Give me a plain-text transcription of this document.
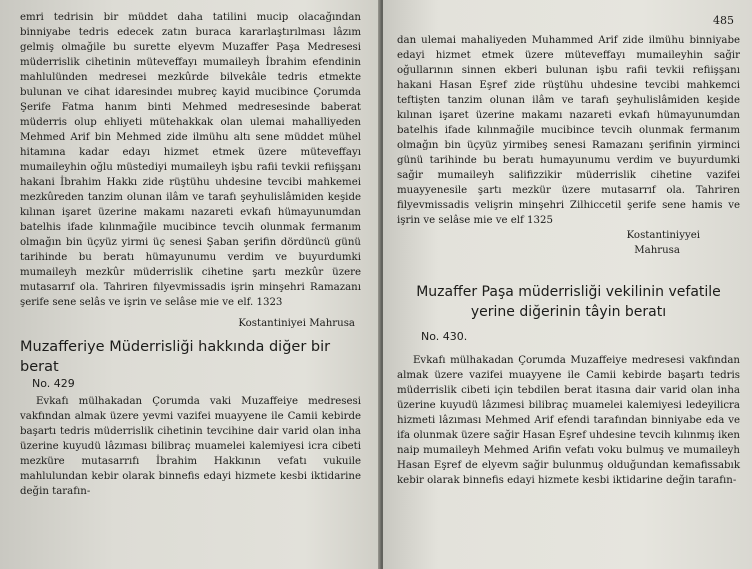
emri tedrisin bir müddet daha tatilini mucip olacağından binniyabe tedris edecek zatın buraca kararlaştırılması lâzım gelmiş olmağile bu surette elyevm Muzaffer Paşa Medresesi müderrislik cihetinin müteveffayı mumaileyh İbrahim efendinin mahlulünden medresei mezkûrde bilvekâle tedris etmekte bulunan ve cihat idaresindeı mubreç kayid mucibince Çorumda Şerife Fatma hanım binti Mehmed medresesinde baberat müderris olup ehliyeti mütehakkak olan ulemai mahalliyeden Mehmed Arif bin Mehmed zide ilmühu altı sene müddet mühel hitamına kadar edayı hizmet etmek üzere müteveffayı mumaileyhin oğlu müstediyi mumaileyh işbu rafii tevkii refiişşanı hakani İbrahim Hakkı zide rüştühu uhdesine tevcibi mahkemei mezkûreden tanzim olunan ilâm ve tarafı şeyhulislâmiden keşide kılınan işaret üzerine makamı nazareti evkafı hümayunumdan batelhis ifade kılınmağile mucibince tevcih olunmak fermanım olmağın bin üçyüz yirmi üç senesi Şaban şerifin dördüncü günü tarihinde bu beratı hümayunumu verdim ve buyurdumki mumaileyh mezkûr müderrislik cihetine şartı mezkûr üzere mutasarrıf ola. Tahriren fılyevmissadis işrin minşehri Ramazanı şerife sene selâs ve işrin ve selâse mie ve elf. 1323

Kostantiniyei Mahrusa
Muzafferiye Müderrisliği hakkında diğer bir berat
No. 429

Evkafı mülhakadan Çorumda vaki Muzaffeiye medresesi vakfından almak üzere yevmi vazifei muayyene ile Camii kebirde başartı tedris müderrislik cihetinin tevcihine dair varid olan inha üzerine kuyudü lâzıması bilibraç muamelei kalemiyesi icra cibeti mezküre mutasarrıfı İbrahim Hakkının vefatı vukuile mahlulundan kebir olarak binnefis edayi hizmete kesbi iktidarine değin tarafın-

485

dan ulemai mahaliyeden Muhammed Arif zide ilmühu binniyabe edayi hizmet etmek üzere müteveffayı mumaileyhin sağir oğullarının sinnen ekberi bulunan işbu rafii tevkii refiişşanı hakani Hasan Eşref zide rüştühu uhdesine tevcibi mahkemci teftişten tanzim olunan ilâm ve tarafı şeyhulislâmiden keşide kılınan işaret üzerine makamı nazareti evkafı hümayunumdan batelhis ifade kılınmağile mucibince tevcih olunmak fermanım olmağın bin üçyüz yirmibeş senesi Ramazanı şerifinin yirminci günü tarihinde bu beratı humayunumu verdim ve buyurdumki sağir mumaileyh salifizzikir müderrislik cihetine vazifei muayyenesile şartı mezkür üzere mutasarrıf ola. Tahriren filyevmissadis velişrin minşehri Zilhiccetil şerife sene hamis ve işrin ve selâse mie ve elf 1325

Kostantiniyyei
Mahrusa
Muzaffer Paşa müderrisliği vekilinin vefatile
yerine diğerinin tâyin beratı
No. 430.

Evkafı mülhakadan Çorumda Muzaffeiye medresesi vakfından almak üzere vazifei muayyene ile Camii kebirde başartı tedris müderrislik cibeti için tebdilen berat itasına dair varid olan inha üzerine kuyudü lâzımesi bilibraç muamelei kalemiyesi ledeyilicra hizmeti lâzıması Mehmed Arif efendi tarafından binniyabe eda ve ifa olunmak üzere sağir Hasan Eşref uhdesine tevcih kılınmış iken naip mumaileyh Mehmed Arifin vefatı voku bulmuş ve mumaileyh Hasan Eşref de elyevm sağir bulunmuş olduğundan kemafissabık kebir olarak binnefis edayi hizmete kesbi iktidarine değin tarafın-
